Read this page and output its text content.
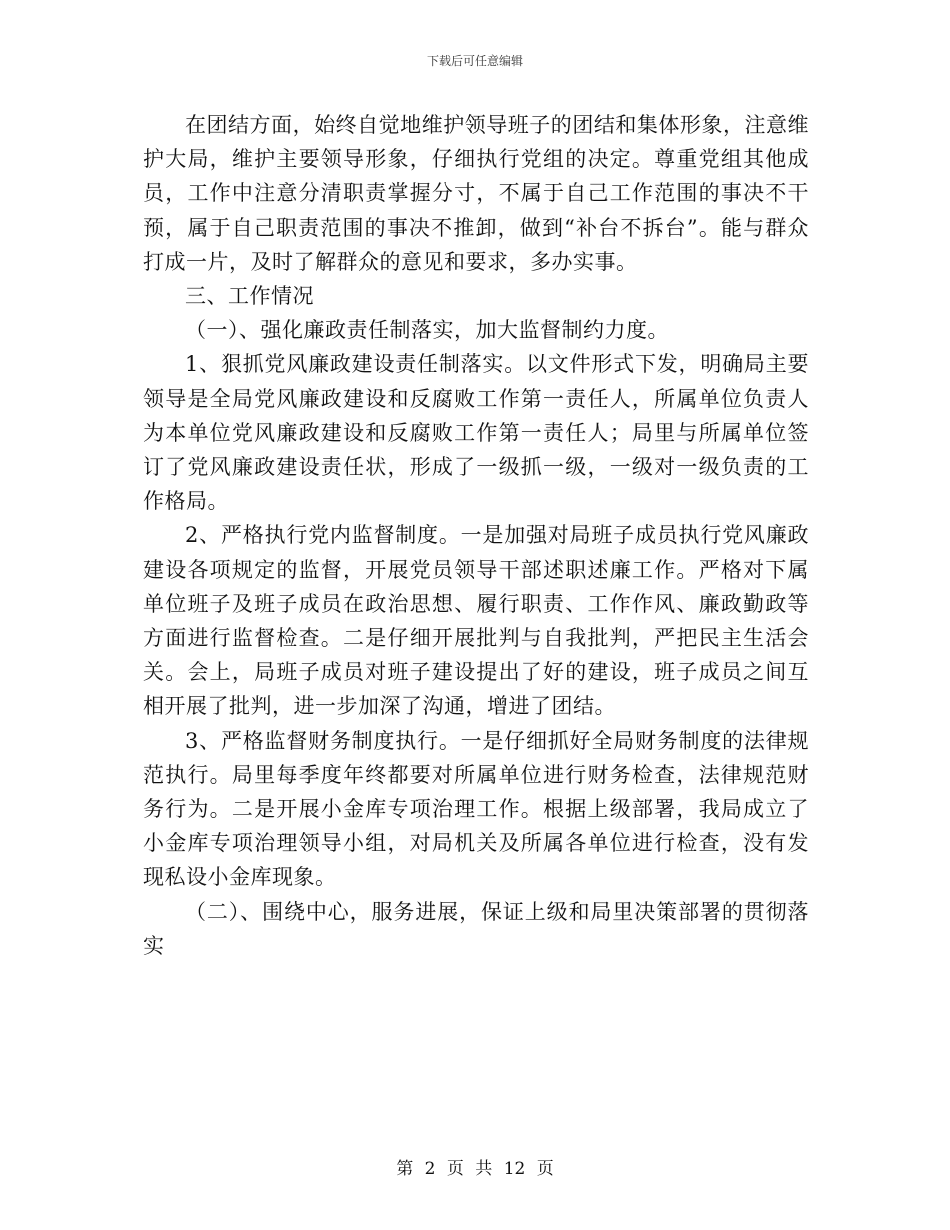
下载后可任意编辑

在团结方面，始终自觉地维护领导班子的团结和集体形象，注意维护大局，维护主要领导形象，仔细执行党组的决定。尊重党组其他成员，工作中注意分清职责掌握分寸，不属于自己工作范围的事决不干预，属于自己职责范围的事决不推卸，做到“补台不拆台”。能与群众打成一片，及时了解群众的意见和要求，多办实事。

三、工作情况

（一）、强化廉政责任制落实，加大监督制约力度。

1、狠抓党风廉政建设责任制落实。以文件形式下发，明确局主要领导是全局党风廉政建设和反腐败工作第一责任人，所属单位负责人为本单位党风廉政建设和反腐败工作第一责任人；局里与所属单位签订了党风廉政建设责任状，形成了一级抓一级，一级对一级负责的工作格局。

2、严格执行党内监督制度。一是加强对局班子成员执行党风廉政建设各项规定的监督，开展党员领导干部述职述廉工作。严格对下属单位班子及班子成员在政治思想、履行职责、工作作风、廉政勤政等方面进行监督检查。二是仔细开展批判与自我批判，严把民主生活会关。会上，局班子成员对班子建设提出了好的建设，班子成员之间互相开展了批判，进一步加深了沟通，增进了团结。

3、严格监督财务制度执行。一是仔细抓好全局财务制度的法律规范执行。局里每季度年终都要对所属单位进行财务检查，法律规范财务行为。二是开展小金库专项治理工作。根据上级部署，我局成立了小金库专项治理领导小组，对局机关及所属各单位进行检查，没有发现私设小金库现象。

（二）、围绕中心，服务进展，保证上级和局里决策部署的贯彻落实

第 2 页 共 12 页
